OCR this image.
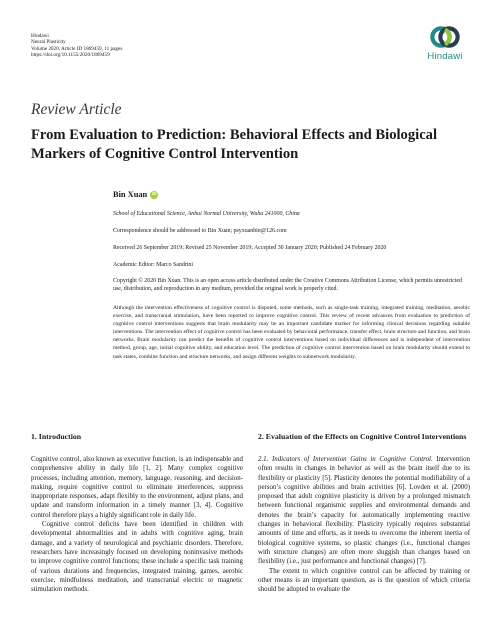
Hindawi
Neural Plasticity
Volume 2020, Article ID 1869459, 11 pages
https://doi.org/10.1155/2020/1869459	Hindawi
Review Article
From Evaluation to Prediction: Behavioral Effects and Biological Markers of Cognitive Control Intervention
Bin Xuan iD
School of Educational Science, Anhui Normal University, Wuhu 241000, China
Correspondence should be addressed to Bin Xuan; psyxuanbin@126.com
Received 26 September 2019; Revised 25 November 2019; Accepted 30 January 2020; Published 24 February 2020
Academic Editor: Marco Sandrini
Copyright © 2020 Bin Xuan. This is an open access article distributed under the Creative Commons Attribution License, which permits unrestricted use, distribution, and reproduction in any medium, provided the original work is properly cited.
Although the intervention effectiveness of cognitive control is disputed, some methods, such as single-task training, integrated training, meditation, aerobic exercise, and transcranial stimulation, have been reported to improve cognitive control. This review of recent advances from evaluation to prediction of cognitive control interventions suggests that brain modularity may be an important candidate marker for informing clinical decisions regarding suitable interventions. The intervention effect of cognitive control has been evaluated by behavioral performance, transfer effect, brain structure and function, and brain networks. Brain modularity can predict the benefits of cognitive control interventions based on individual differences and is independent of intervention method, group, age, initial cognitive ability, and education level. The prediction of cognitive control intervention based on brain modularity should extend to task states, combine function and structure networks, and assign different weights to subnetwork modularity.
1. Introduction

Cognitive control, also known as executive function, is an indispensable and comprehensive ability in daily life [1, 2]. Many complex cognitive processes, including attention, memory, language, reasoning, and decision-making, require cognitive control to eliminate interferences, suppress inappropriate responses, adapt flexibly to the environment, adjust plans, and update and transform information in a timely manner [3, 4]. Cognitive control therefore plays a highly significant role in daily life.

Cognitive control deficits have been identified in children with developmental abnormalities and in adults with cognitive aging, brain damage, and a variety of neurological and psychiatric disorders. Therefore, researchers have increasingly focused on developing noninvasive methods to improve cognitive control functions; these include a specific task training of various durations and frequencies, integrated training, games, aerobic exercise, mindfulness meditation, and transcranial electric or magnetic stimulation methods.

2. Evaluation of the Effects on Cognitive Control Interventions

2.1. Indicators of Intervention Gains in Cognitive Control. Intervention often results in changes in behavior as well as the brain itself due to its flexibility or plasticity [5]. Plasticity denotes the potential modifiability of a person’s cognitive abilities and brain activities [6]. Lovden et al. (2000) proposed that adult cognitive plasticity is driven by a prolonged mismatch between functional organismic supplies and environmental demands and denotes the brain’s capacity for automatically implementing reactive changes in behavioral flexibility. Plasticity typically requires substantial amounts of time and efforts, as it needs to overcome the inherent inertia of biological cognitive systems, so plastic changes (i.e., functional changes with structure changes) are often more sluggish than changes based on flexibility (i.e., just performance and functional changes) [7].

The extent to which cognitive control can be affected by training or other means is an important question, as is the question of which criteria should be adopted to evaluate the
